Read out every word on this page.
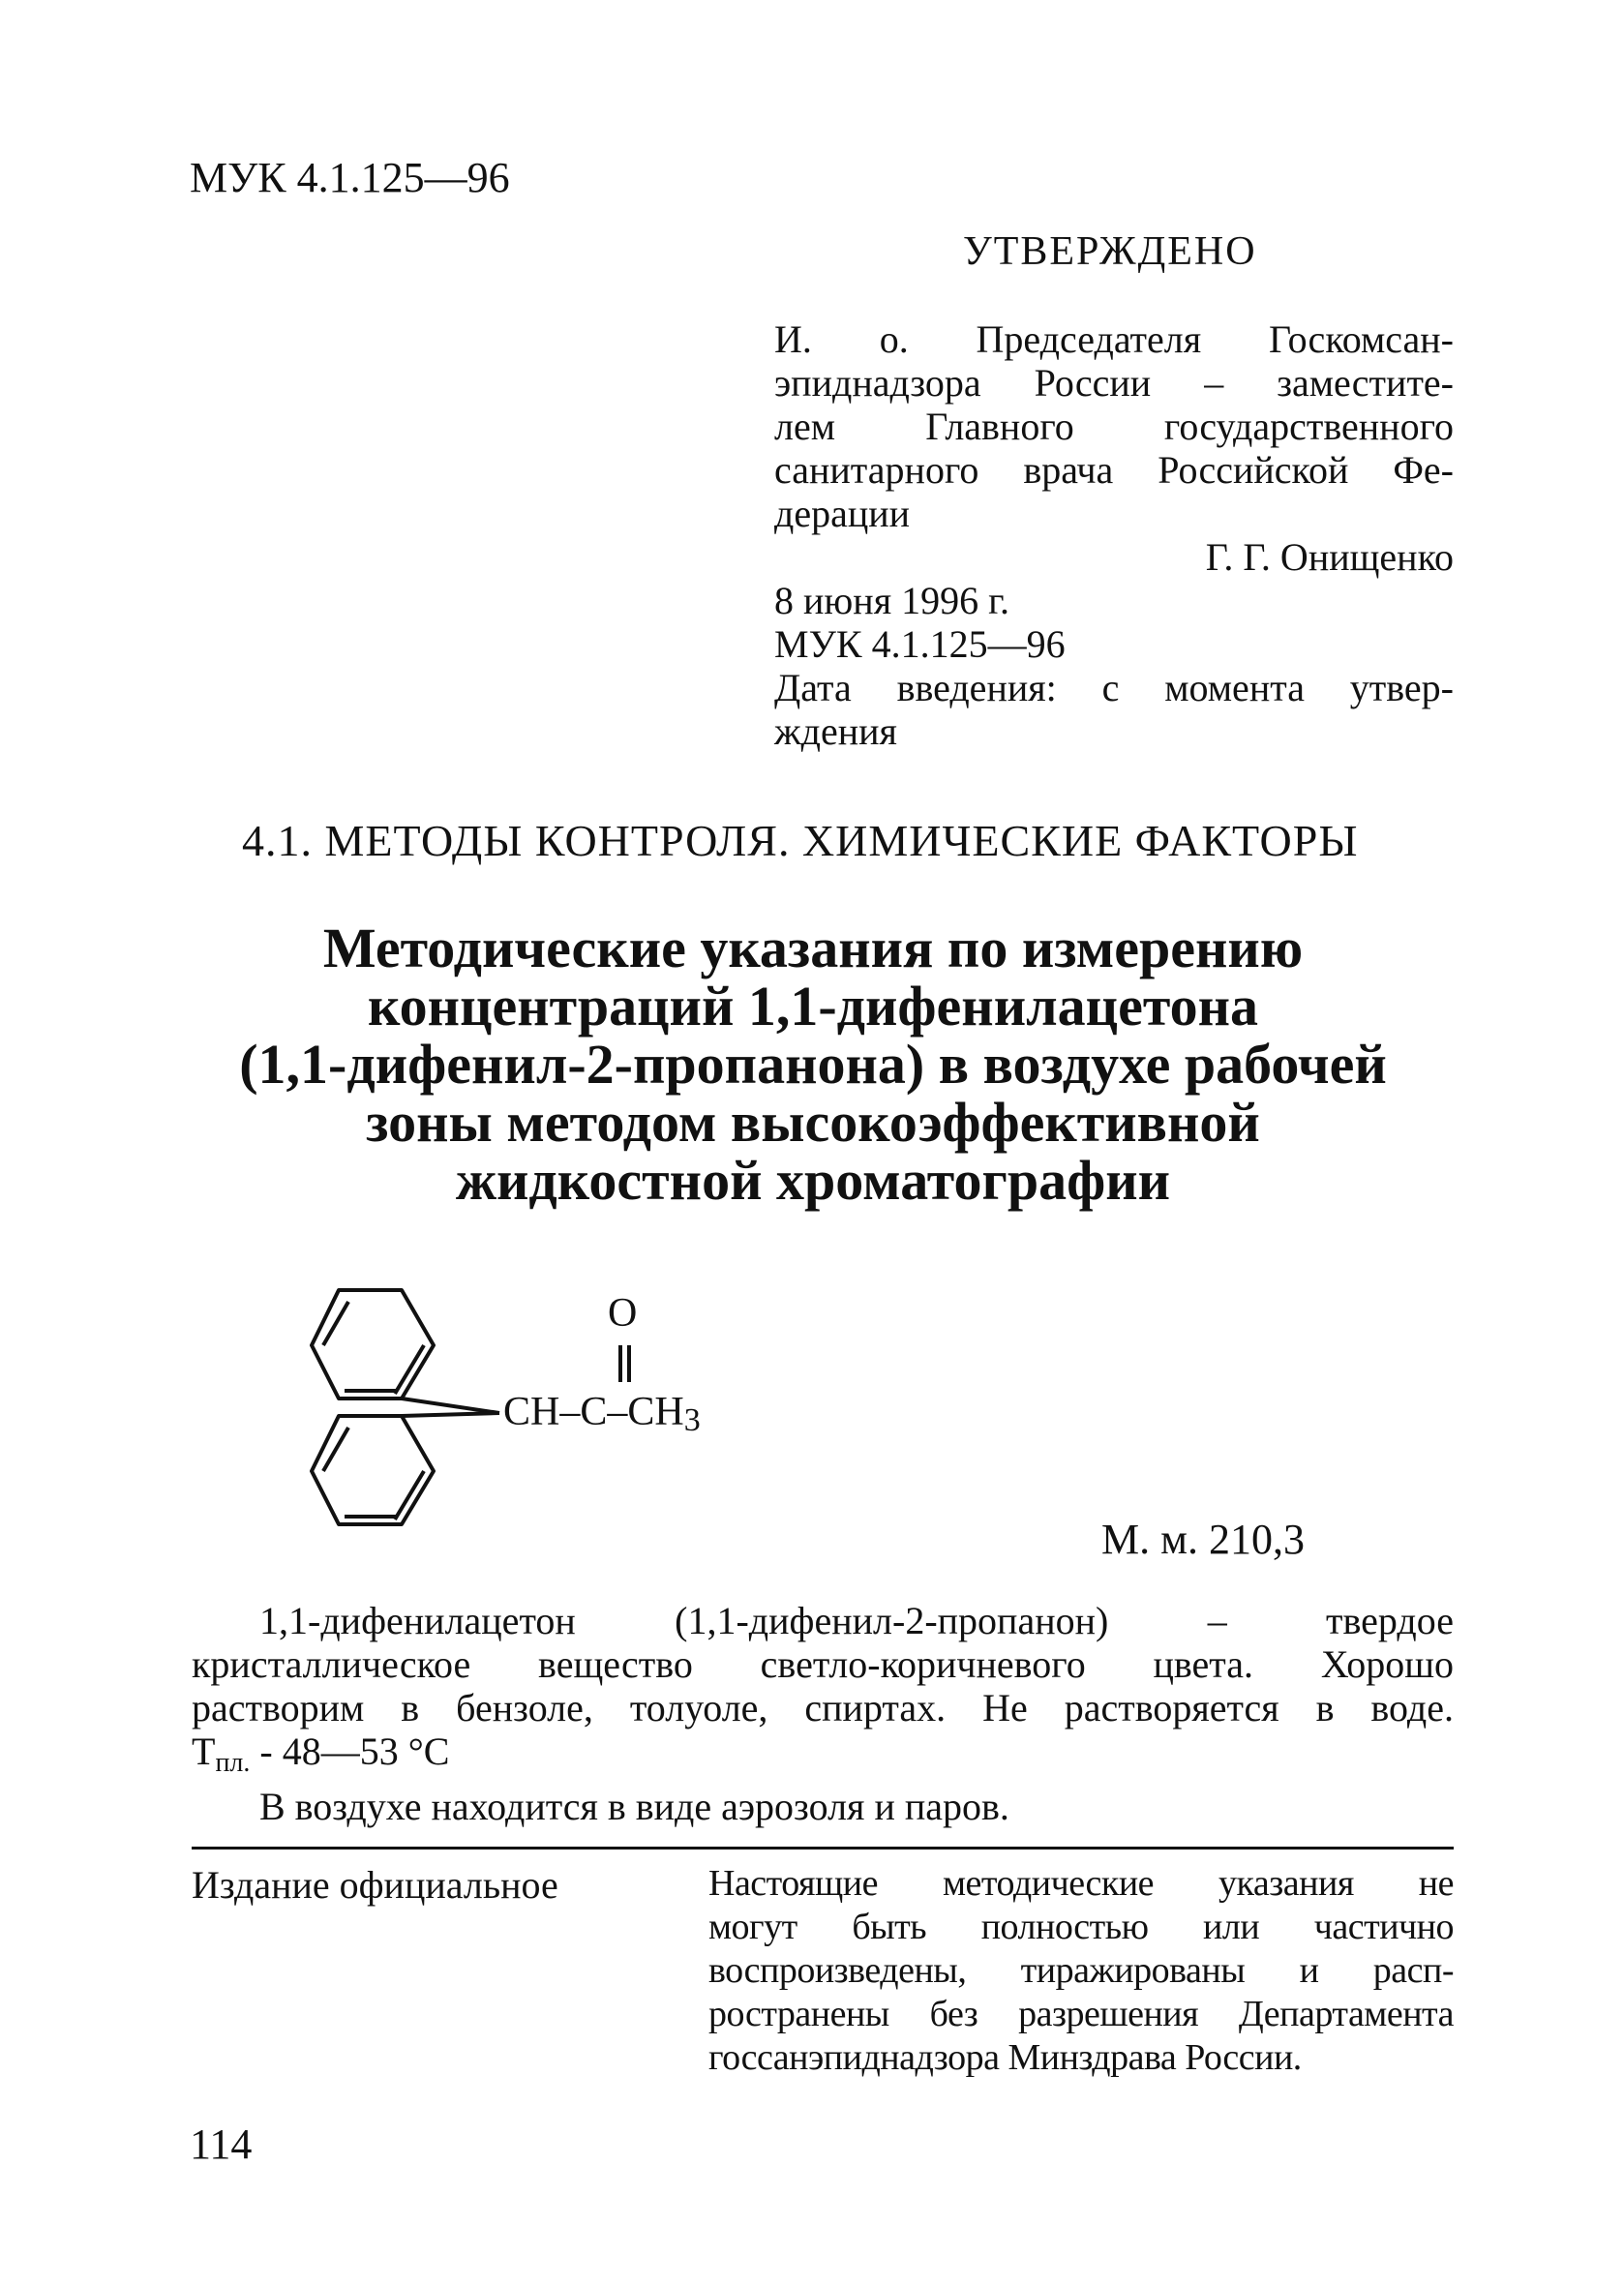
МУК 4.1.125—96
УТВЕРЖДЕНО
И. о. Председателя Госкомсан-
эпиднадзора России – заместите-
лем Главного государственного
санитарного врача Российской Фе-
дерации
Г. Г. Онищенко
8 июня 1996 г.
МУК 4.1.125—96
Дата введения: с момента утвер-
ждения
4.1. МЕТОДЫ КОНТРОЛЯ. ХИМИЧЕСКИЕ ФАКТОРЫ
Методические указания по измерению
концентраций 1,1-дифенилацетона
(1,1-дифенил-2-пропанона) в воздухе рабочей
зоны методом высокоэффективной
жидкостной хроматографии
O
CH–C–CH3
М. м. 210,3
1,1-дифенилацетон (1,1-дифенил-2-пропанон) – твердое
кристаллическое вещество светло-коричневого цвета. Хорошо
растворим в бензоле, толуоле, спиртах. Не растворяется в воде.
$Т_{пл.}$ - 48—53 °С
В воздухе находится в виде аэрозоля и паров.
Издание официальное	Настоящие методические указания не
могут быть полностью или частично
воспроизведены, тиражированы и расп-
ространены без разрешения Департамента
госсанэпиднадзора Минздрава России.
114
